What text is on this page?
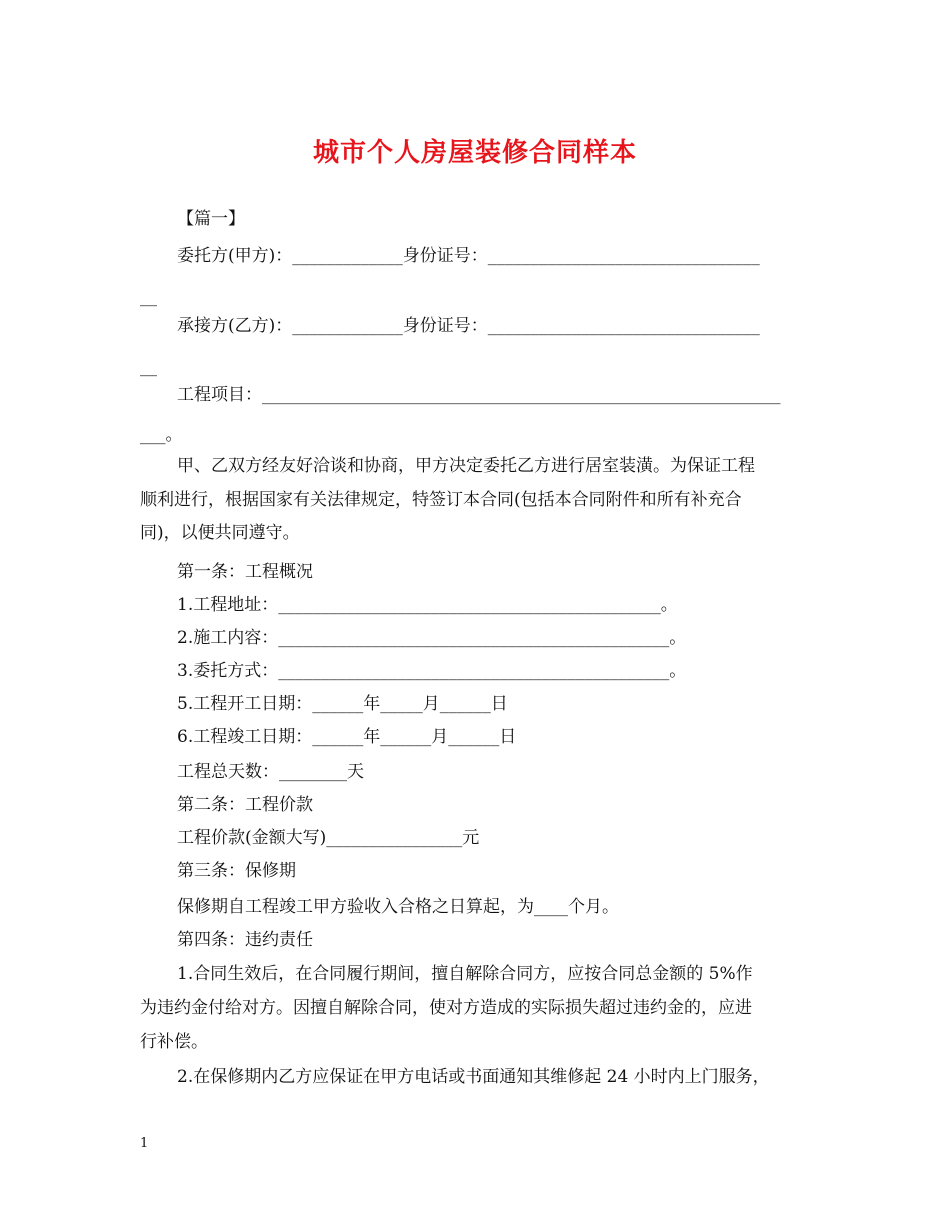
城市个人房屋装修合同样本
【篇一】
委托方(甲方)：_____________身份证号：________________________________
__
承接方(乙方)：_____________身份证号：________________________________
__
工程项目：_____________________________________________________________
___。
甲、乙双方经友好洽谈和协商，甲方决定委托乙方进行居室装潢。为保证工程
顺利进行，根据国家有关法律规定，特签订本合同(包括本合同附件和所有补充合
同)，以便共同遵守。
第一条：工程概况
1.工程地址：_____________________________________________。
2.施工内容：______________________________________________。
3.委托方式：______________________________________________。
5.工程开工日期：______年_____月______日
6.工程竣工日期：______年______月______日
工程总天数：________天
第二条：工程价款
工程价款(金额大写)________________元
第三条：保修期
保修期自工程竣工甲方验收入合格之日算起，为____个月。
第四条：违约责任
1.合同生效后，在合同履行期间，擅自解除合同方，应按合同总金额的 5%作
为违约金付给对方。因擅自解除合同，使对方造成的实际损失超过违约金的，应进
行补偿。
2.在保修期内乙方应保证在甲方电话或书面通知其维修起 24 小时内上门服务，
1
